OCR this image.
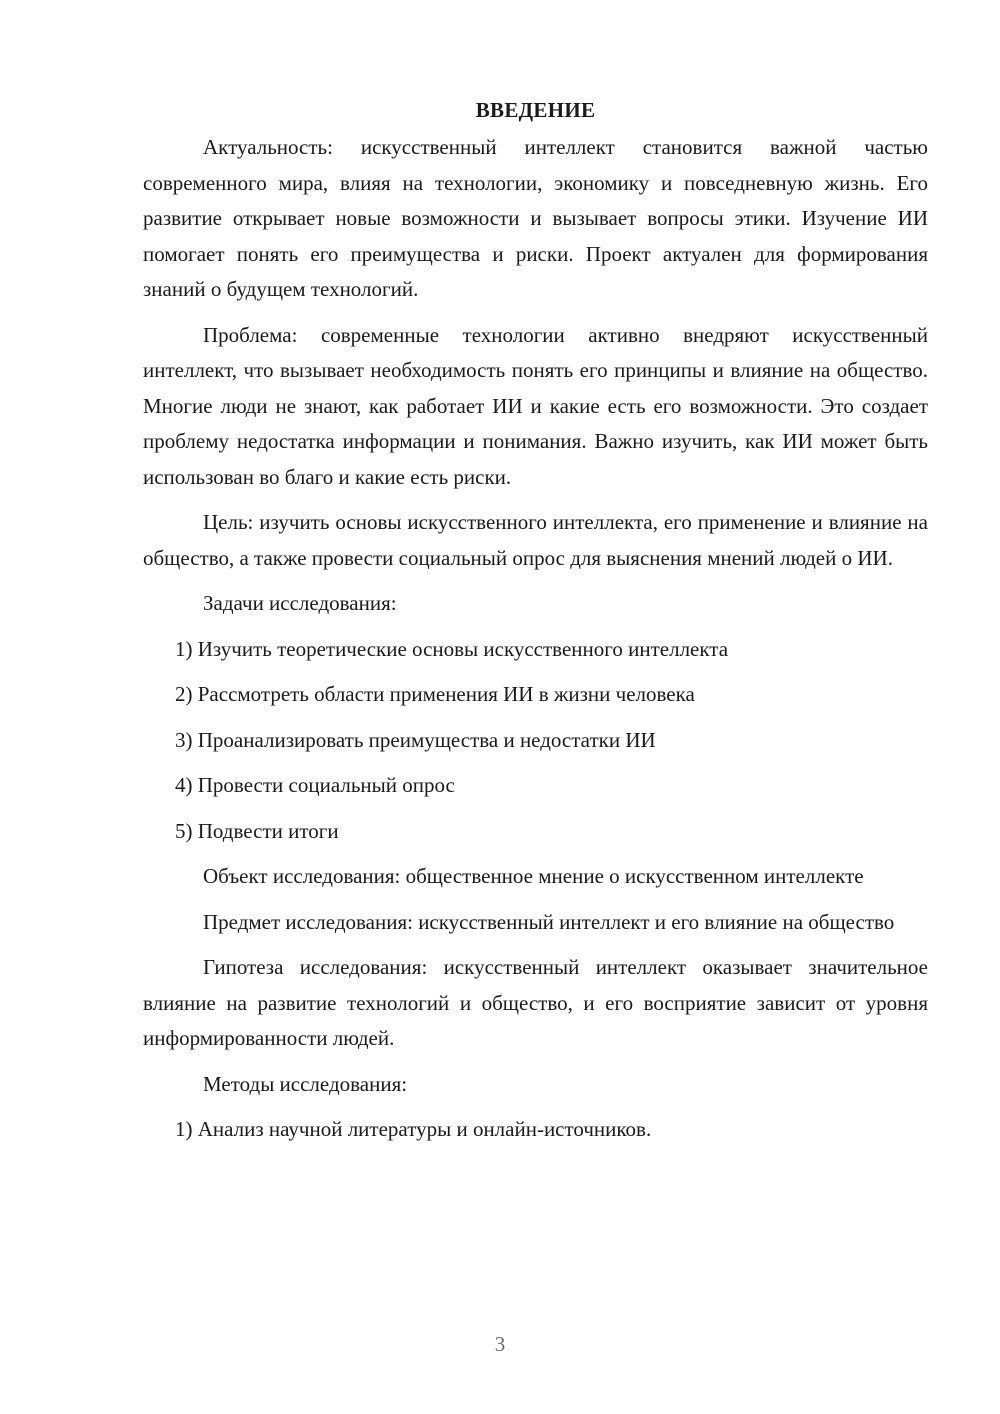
ВВЕДЕНИЕ

Актуальность: искусственный интеллект становится важной частью современного мира, влияя на технологии, экономику и повседневную жизнь. Его развитие открывает новые возможности и вызывает вопросы этики. Изучение ИИ помогает понять его преимущества и риски. Проект актуален для формирования знаний о будущем технологий.

Проблема: современные технологии активно внедряют искусственный интеллект, что вызывает необходимость понять его принципы и влияние на общество. Многие люди не знают, как работает ИИ и какие есть его возможности. Это создает проблему недостатка информации и понимания. Важно изучить, как ИИ может быть использован во благо и какие есть риски.

Цель: изучить основы искусственного интеллекта, его применение и влияние на общество, а также провести социальный опрос для выяснения мнений людей о ИИ.

Задачи исследования:

1) Изучить теоретические основы искусственного интеллекта
2) Рассмотреть области применения ИИ в жизни человека
3) Проанализировать преимущества и недостатки ИИ
4) Провести социальный опрос
5) Подвести итоги

Объект исследования: общественное мнение о искусственном интеллекте

Предмет исследования: искусственный интеллект и его влияние на общество

Гипотеза исследования: искусственный интеллект оказывает значительное влияние на развитие технологий и общество, и его восприятие зависит от уровня информированности людей.

Методы исследования:

1) Анализ научной литературы и онлайн-источников.
3
